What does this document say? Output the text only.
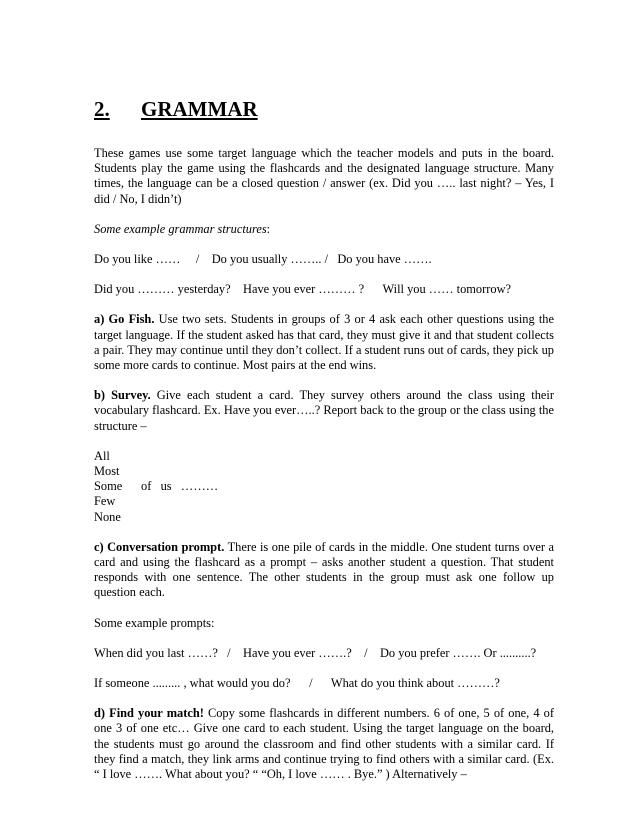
2.	GRAMMAR

These games use some target language which the teacher models and puts in the board. Students play the game using the flashcards and the designated language structure. Many times, the language can be a closed question / answer (ex. Did you ….. last night? – Yes, I did / No, I didn’t)

Some example grammar structures:

Do you like ……     /    Do you usually …….. /   Do you have …….
Did you ……… yesterday?    Have you ever ……… ?      Will you …… tomorrow?

a) Go Fish. Use two sets. Students in groups of 3 or 4 ask each other questions using the target language. If the student asked has that card, they must give it and that student collects a pair. They may continue until they don’t collect. If a student runs out of cards, they pick up some more cards to continue. Most pairs at the end wins.

b) Survey. Give each student a card. They survey others around the class using their vocabulary flashcard. Ex. Have you ever…..? Report back to the group or the class using the structure –

All
Most
Some	of   us   ………
Few
None

c) Conversation prompt. There is one pile of cards in the middle. One student turns over a card and using the flashcard as a prompt – asks another student a question. That student responds with one sentence. The other students in the group must ask one follow up question each.

Some example prompts:

When did you last ……?   /    Have you ever …….?    /    Do you prefer ……. Or ..........?
If someone ......... , what would you do?      /      What do you think about ………?

d) Find your match! Copy some flashcards in different numbers. 6 of one, 5 of one, 4 of one 3 of one etc… Give one card to each student. Using the target language on the board, the students must go around the classroom and find other students with a similar card. If they find a match, they link arms and continue trying to find others with a similar card. (Ex. “ I love ……. What about you? “ “Oh, I love …… . Bye.” ) Alternatively –
